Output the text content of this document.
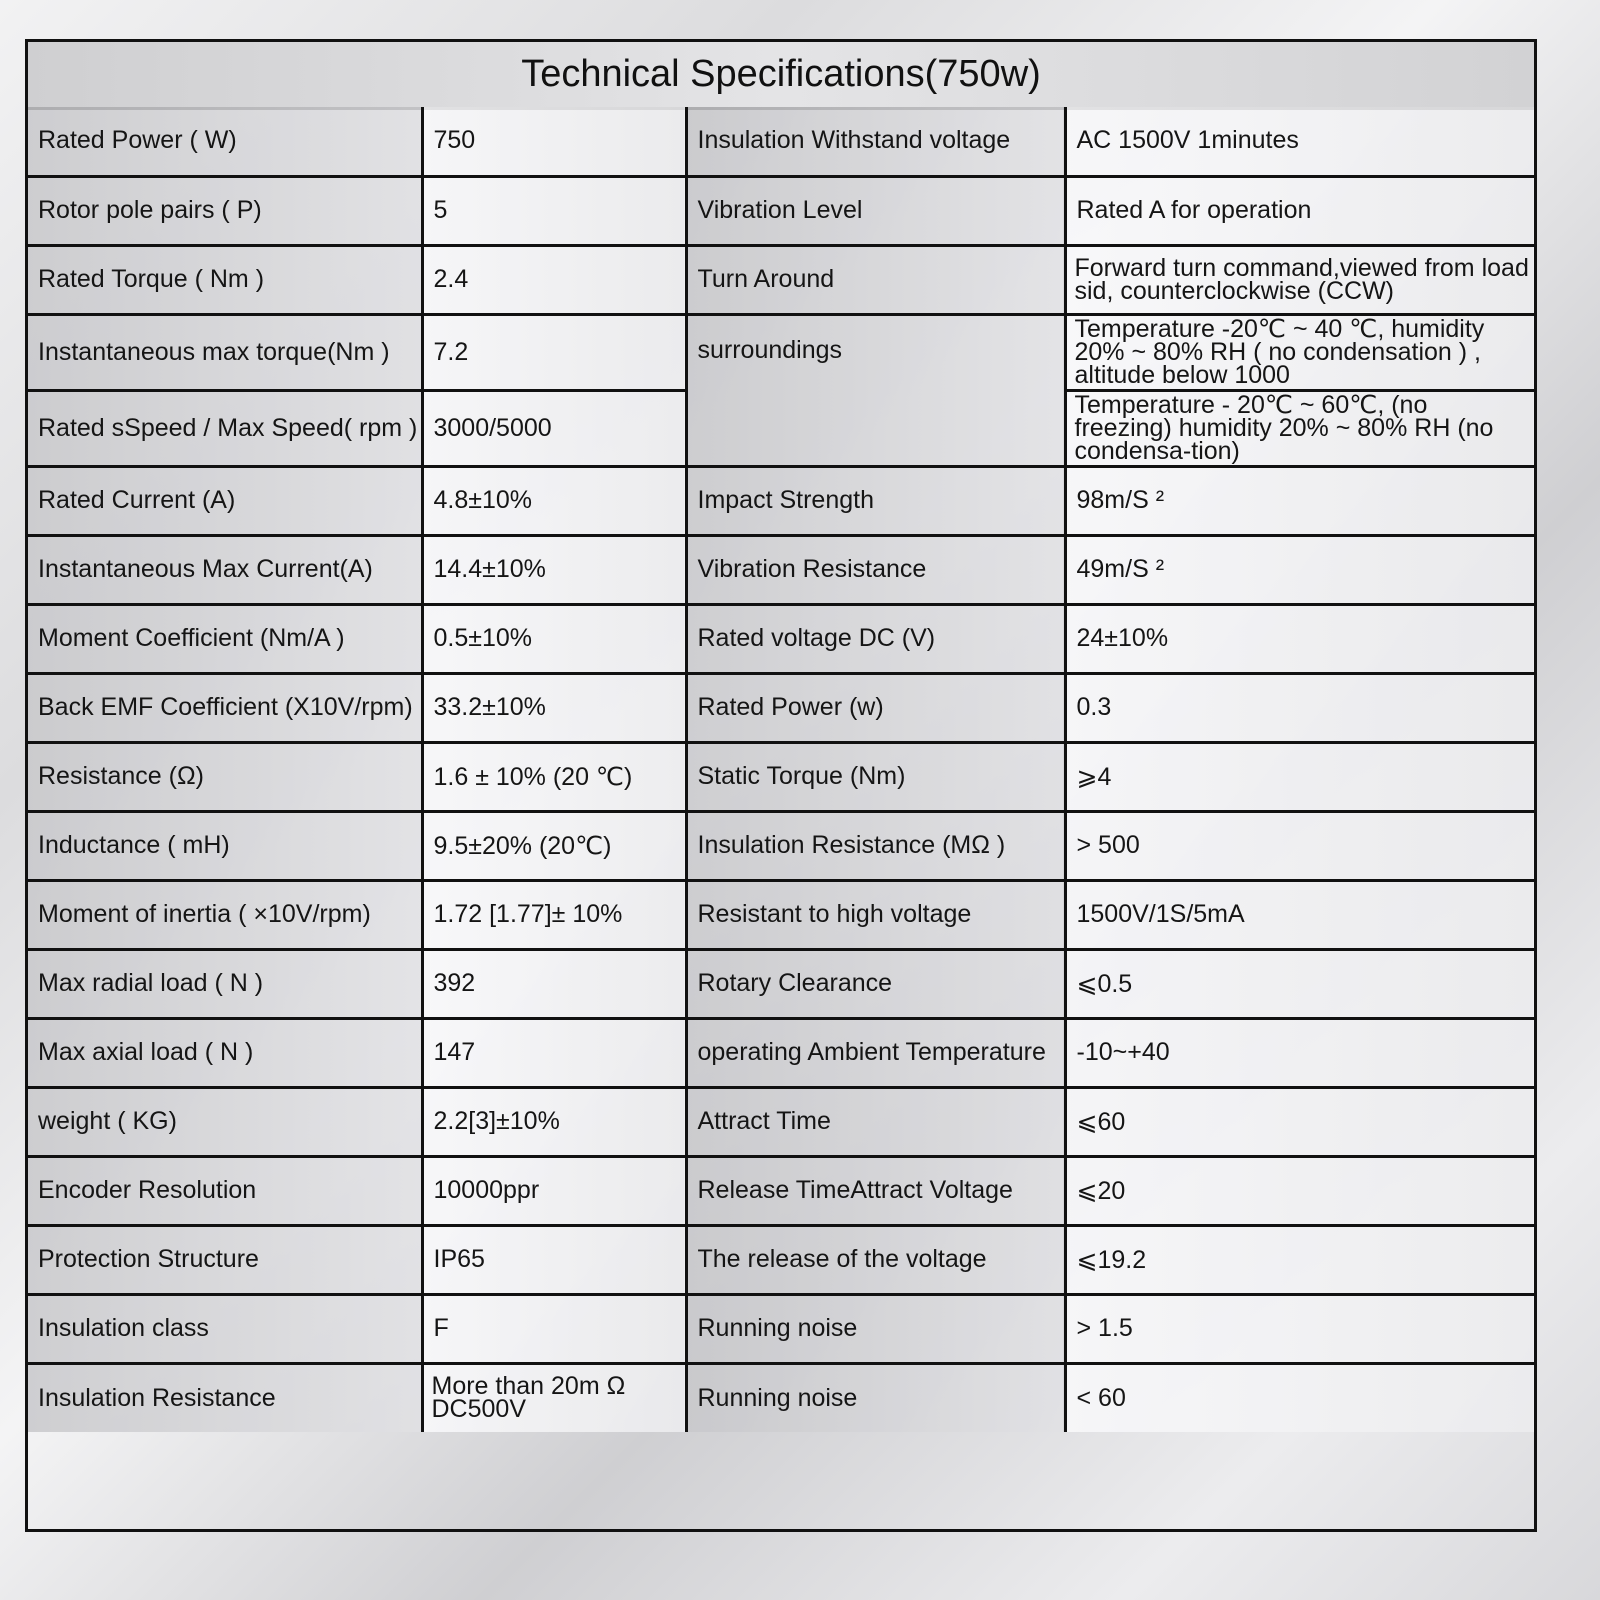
Technical Specifications(750w)
Rated Power ( W)	750	Insulation Withstand voltage	AC 1500V 1minutes
Rotor pole pairs ( P)	5	Vibration Level	Rated A for operation
Rated Torque ( Nm )	2.4	Turn Around	Forward turn command,viewed from load sid, counterclockwise (CCW)
Instantaneous max torque(Nm )	7.2	surroundings	Temperature -20℃ ~ 40 ℃, humidity 20% ~ 80% RH ( no condensation ) , altitude below 1000
Rated sSpeed / Max Speed( rpm )	3000/5000		Temperature - 20℃ ~ 60℃, (no freezing) humidity 20% ~ 80% RH (no condensa-tion)
Rated Current (A)	4.8±10%	Impact Strength	98m/S ²
Instantaneous Max Current(A)	14.4±10%	Vibration Resistance	49m/S ²
Moment Coefficient (Nm/A )	0.5±10%	Rated voltage DC (V)	24±10%
Back EMF Coefficient (X10V/rpm)	33.2±10%	Rated Power (w)	0.3
Resistance (Ω)	1.6 ± 10% (20 ℃)	Static Torque (Nm)	⩾4
Inductance ( mH)	9.5±20% (20℃)	Insulation Resistance (MΩ )	> 500
Moment of inertia ( ×10V/rpm)	1.72 [1.77]± 10%	Resistant to high voltage	1500V/1S/5mA
Max radial load ( N )	392	Rotary Clearance	⩽0.5
Max axial load ( N )	147	operating Ambient Temperature	-10~+40
weight ( KG)	2.2[3]±10%	Attract Time	⩽60
Encoder Resolution	10000ppr	Release TimeAttract Voltage	⩽20
Protection Structure	IP65	The release of the voltage	⩽19.2
Insulation class	F	Running noise	> 1.5
Insulation Resistance	More than 20m Ω DC500V	Running noise	< 60
